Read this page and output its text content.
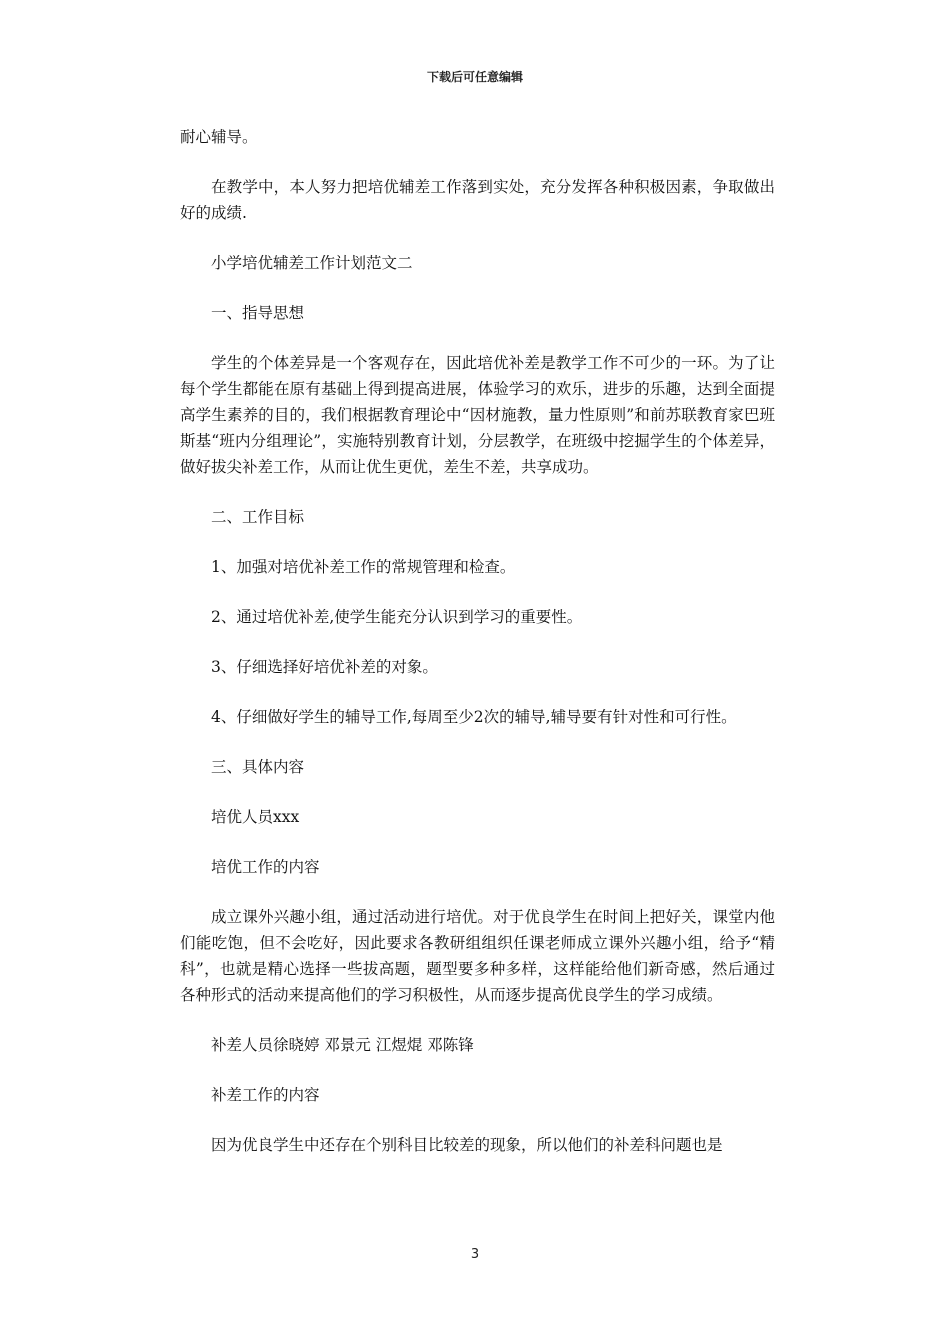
下载后可任意编辑

耐心辅导。

在教学中，本人努力把培优辅差工作落到实处，充分发挥各种积极因素，争取做出好的成绩.

小学培优辅差工作计划范文二

一、指导思想

学生的个体差异是一个客观存在，因此培优补差是教学工作不可少的一环。为了让每个学生都能在原有基础上得到提高进展，体验学习的欢乐，进步的乐趣，达到全面提高学生素养的目的，我们根据教育理论中“因材施教，量力性原则”和前苏联教育家巴班斯基“班内分组理论”，实施特别教育计划，分层教学，在班级中挖掘学生的个体差异，做好拔尖补差工作，从而让优生更优，差生不差，共享成功。

二、工作目标

1、加强对培优补差工作的常规管理和检查。

2、通过培优补差,使学生能充分认识到学习的重要性。

3、仔细选择好培优补差的对象。

4、仔细做好学生的辅导工作,每周至少2次的辅导,辅导要有针对性和可行性。

三、具体内容

培优人员xxx

培优工作的内容

成立课外兴趣小组，通过活动进行培优。对于优良学生在时间上把好关，课堂内他们能吃饱，但不会吃好，因此要求各教研组组织任课老师成立课外兴趣小组，给予“精科”，也就是精心选择一些拔高题，题型要多种多样，这样能给他们新奇感，然后通过各种形式的活动来提高他们的学习积极性，从而逐步提高优良学生的学习成绩。

补差人员徐晓婷 邓景元 江煜焜 邓陈锋

补差工作的内容

因为优良学生中还存在个别科目比较差的现象，所以他们的补差科问题也是

3
